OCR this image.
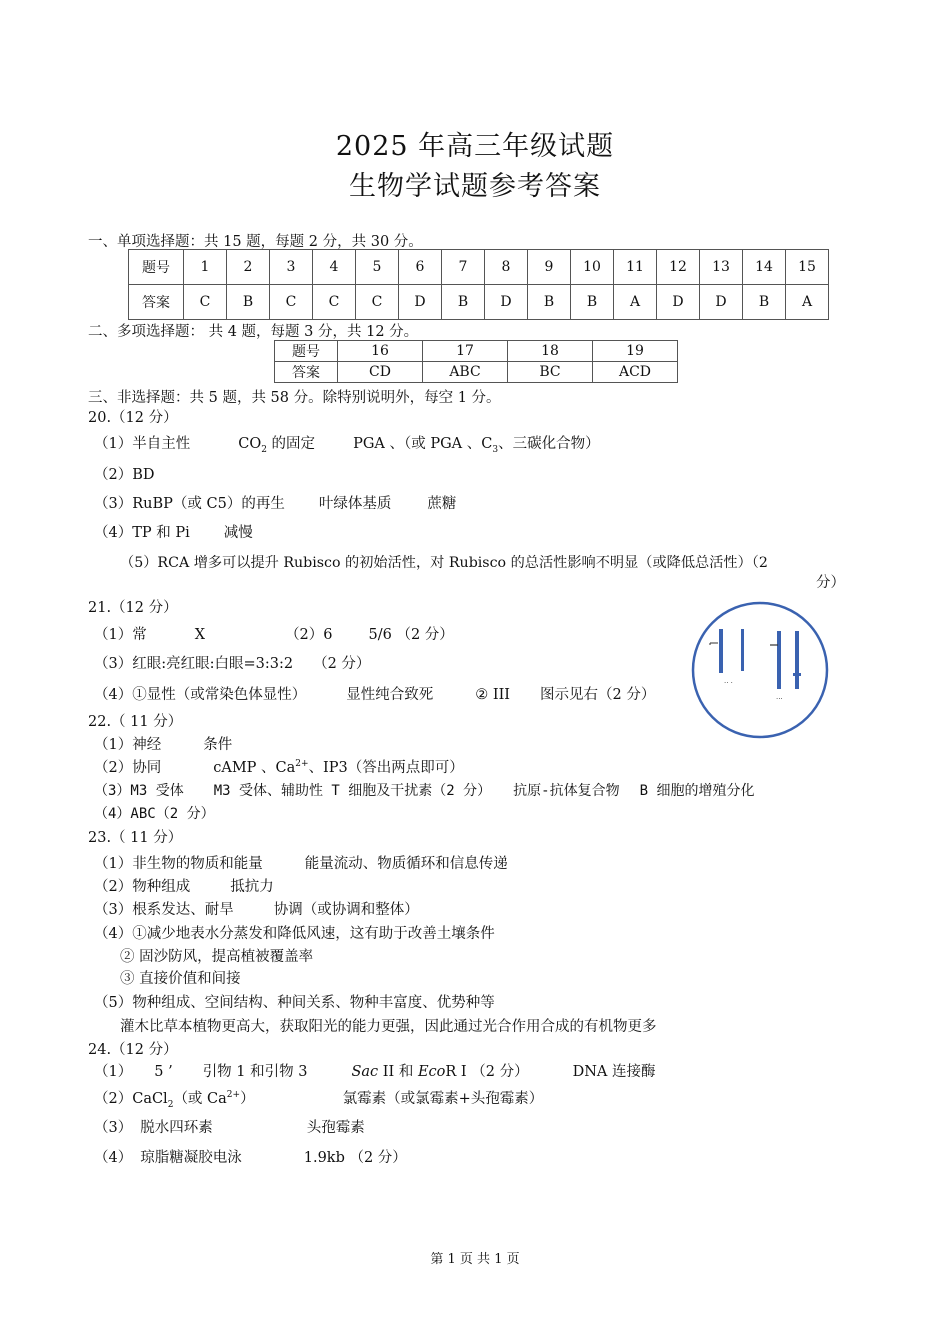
2025 年高三年级试题
生物学试题参考答案
一、单项选择题：共 15 题，每题 2 分，共 30 分。
题号	1	2	3	4	5	6	7	8	9	10	11	12	13	14	15
答案	C	B	C	C	C	D	B	D	B	B	A	D	D	B	A
二、多项选择题： 共 4 题，每题 3 分，共 12 分。
题号	16	17	18	19
答案	CD	ABC	BC	ACD
三、非选择题：共 5 题，共 58 分。除特别说明外，每空 1 分。
20.（12 分）
（1）半自主性	$CO_2$ 的固定	PGA 、（或 PGA 、$C_3$、三碳化合物）
（2）BD
（3）RuBP（或 C5）的再生 叶绿体基质 蔗糖
（4）TP 和 Pi 减慢
（5）RCA 增多可以提升 Rubisco 的初始活性，对 Rubisco 的总活性影响不明显（或降低总活性）（2
分）
21.（12 分）
（1）常	X	（2）6 5/6 （2 分）
（3）红眼:亮红眼:白眼=3:3:2 （2 分）
（4）①显性（或常染色体显性）	显性纯合致死	② III 图示见右（2 分）
·· ·
···
22.（ 11 分）
（1）神经	条件
（2）协同	cAMP 、$Ca^{2+}$、IP3（答出两点即可）
（3）M3 受体 M3 受体、辅助性 T 细胞及干扰素（2 分） 抗原-抗体复合物 B 细胞的增殖分化
（4）ABC（2 分）
23.（ 11 分）
（1）非生物的物质和能量	能量流动、物质循环和信息传递
（2）物种组成	抵抗力
（3）根系发达、耐旱	协调（或协调和整体）
（4）①减少地表水分蒸发和降低风速，这有助于改善土壤条件
② 固沙防风，提高植被覆盖率
③ 直接价值和间接
（5）物种组成、空间结构、种间关系、物种丰富度、优势种等
灌木比草本植物更高大，获取阳光的能力更强，因此通过光合作用合成的有机物更多
24.（12 分）
（1） 5 ’ 引物 1 和引物 3	Sac II 和 EcoR I （2 分）	DNA 连接酶
（2）CaCl$_2$（或 $Ca^{2+}$）	氯霉素（或氯霉素+头孢霉素）
（3） 脱水四环素	头孢霉素
（4） 琼脂糖凝胶电泳	1.9kb （2 分）
第 1 页 共 1 页
